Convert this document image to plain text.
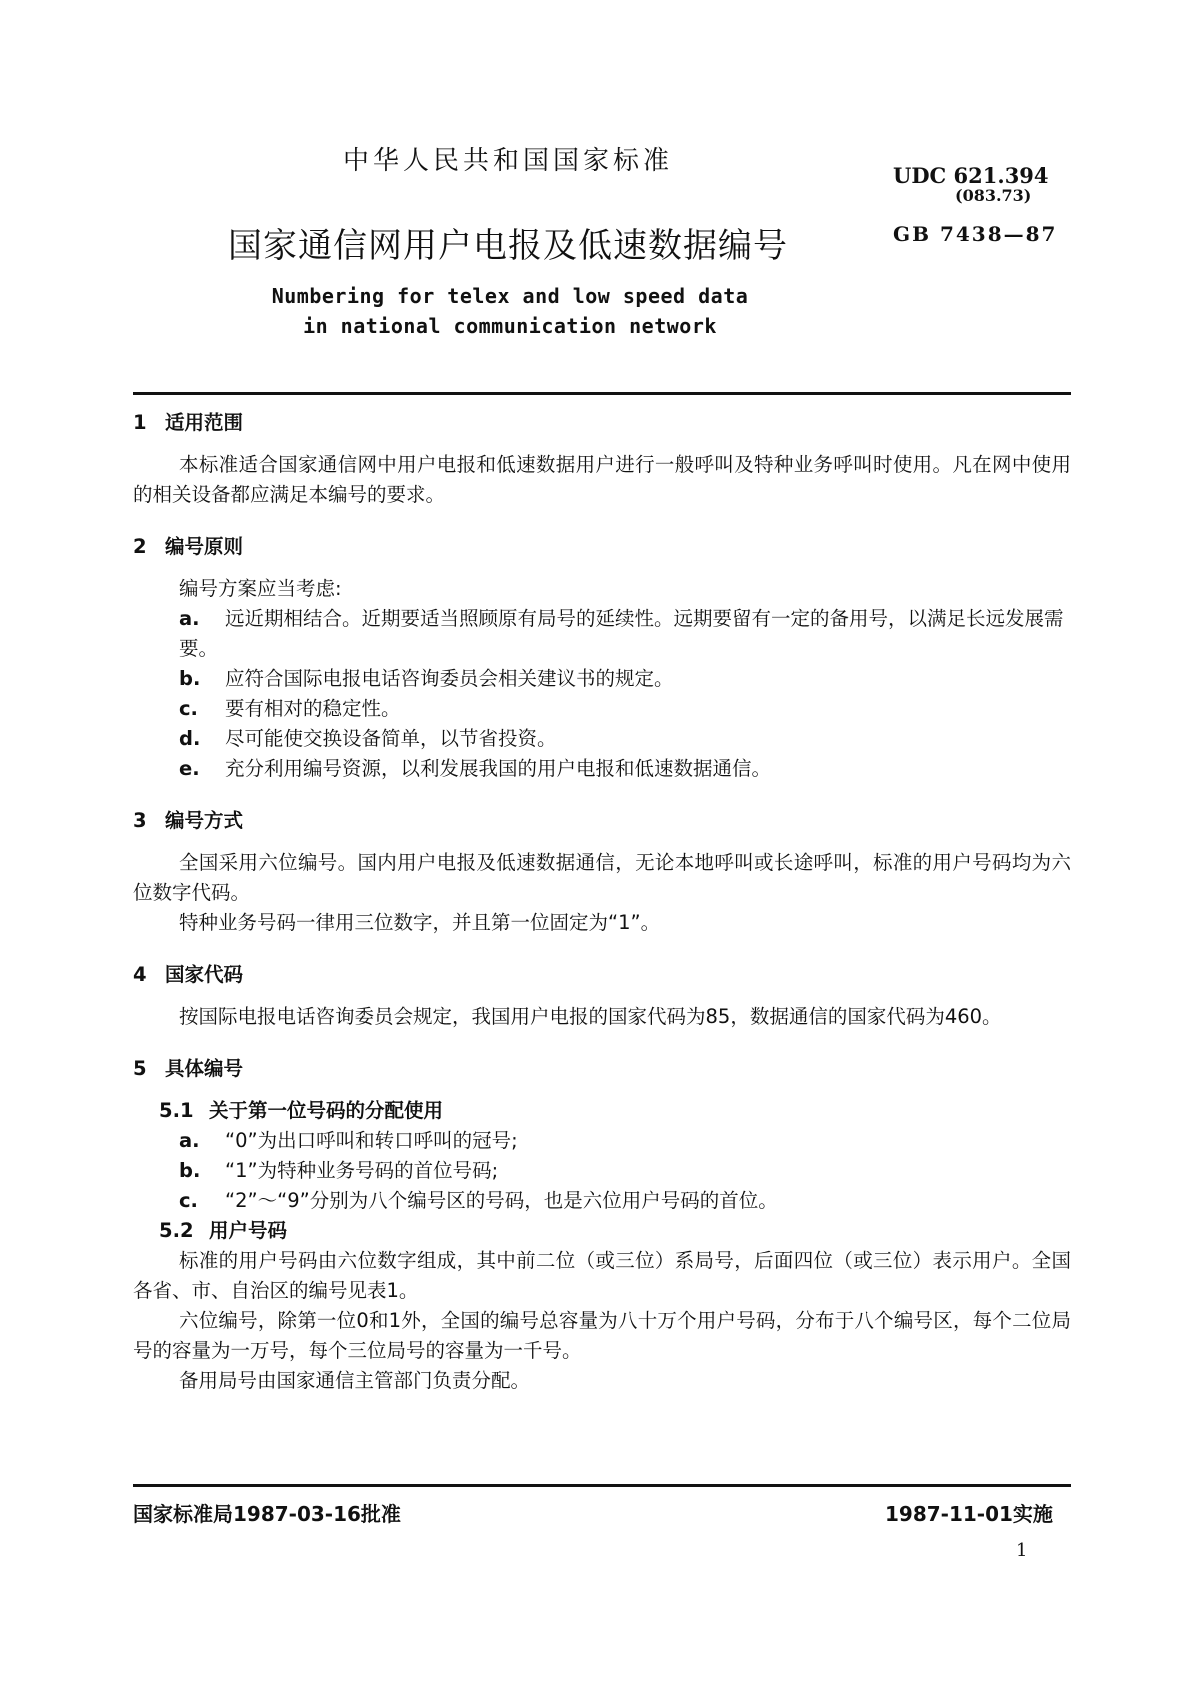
中华人民共和国国家标准	UDC 621.394
(083.73)
国家通信网用户电报及低速数据编号	GB 7438—87
Numbering for telex and low speed data
in national communication network

1 适用范围

本标准适合国家通信网中用户电报和低速数据用户进行一般呼叫及特种业务呼叫时使用。凡在网中使用的相关设备都应满足本编号的要求。

2 编号原则

编号方案应当考虑:

a. 远近期相结合。近期要适当照顾原有局号的延续性。远期要留有一定的备用号，以满足长远发展需要。

b. 应符合国际电报电话咨询委员会相关建议书的规定。

c. 要有相对的稳定性。

d. 尽可能使交换设备简单，以节省投资。

e. 充分利用编号资源，以利发展我国的用户电报和低速数据通信。

3 编号方式

全国采用六位编号。国内用户电报及低速数据通信，无论本地呼叫或长途呼叫，标准的用户号码均为六位数字代码。

特种业务号码一律用三位数字，并且第一位固定为“1”。

4 国家代码

按国际电报电话咨询委员会规定，我国用户电报的国家代码为85，数据通信的国家代码为460。

5 具体编号

5.1 关于第一位号码的分配使用

a. “0”为出口呼叫和转口呼叫的冠号;

b. “1”为特种业务号码的首位号码;

c. “2”～“9”分别为八个编号区的号码，也是六位用户号码的首位。

5.2 用户号码

标准的用户号码由六位数字组成，其中前二位（或三位）系局号，后面四位（或三位）表示用户。全国各省、市、自治区的编号见表1。

六位编号，除第一位0和1外，全国的编号总容量为八十万个用户号码，分布于八个编号区，每个二位局号的容量为一万号，每个三位局号的容量为一千号。

备用局号由国家通信主管部门负责分配。

国家标准局1987-03-16批准	1987-11-01实施
1
